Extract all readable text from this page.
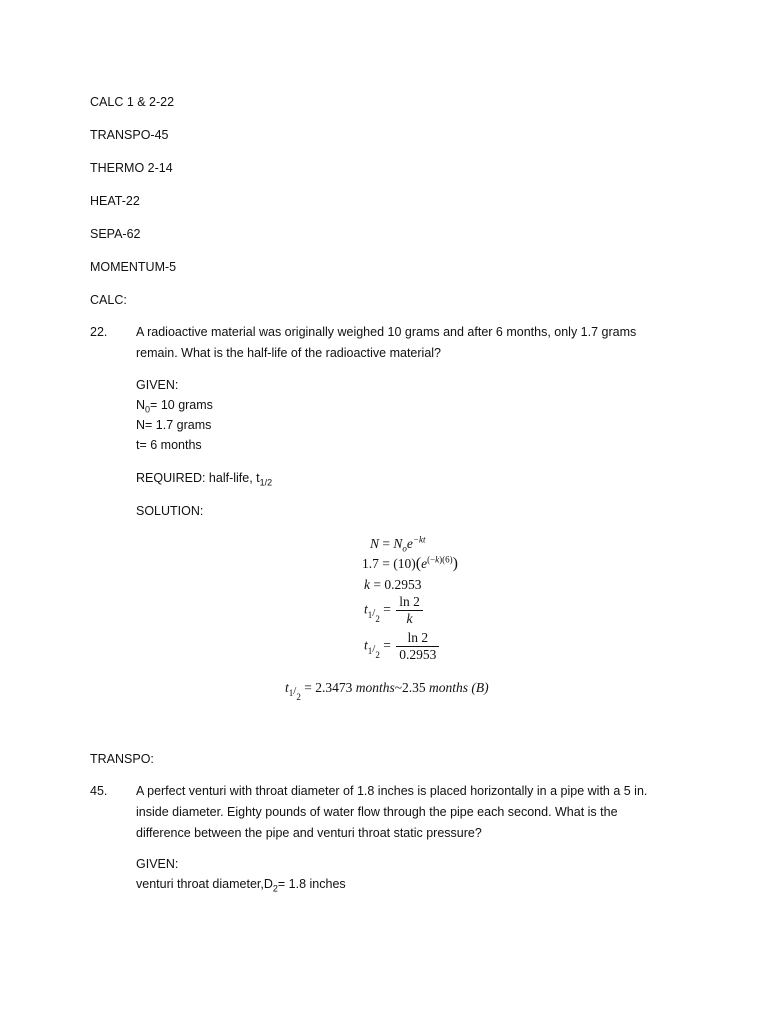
CALC 1 & 2-22
TRANSPO-45
THERMO 2-14
HEAT-22
SEPA-62
MOMENTUM-5
CALC:
22. A radioactive material was originally weighed 10 grams and after 6 months, only 1.7 grams
remain. What is the half-life of the radioactive material?
GIVEN:
$N_0= 10$ grams
N= 1.7 grams
t= 6 months
REQUIRED: half-life, $t_{1/2}$
SOLUTION:
$N = N_oe^{-kt}$
$1.7 = (10)(e^{(-k)(6)})$
k = 0.2953
$t_1/_2 = \frac{\ln 2}{k}$
$t_1/_2 = \frac{\ln 2}{0.2953}$
$t_1/_2 = 2.3473$ months~2.35 months (B)
TRANSPO:
45. A perfect venturi with throat diameter of 1.8 inches is placed horizontally in a pipe with a 5 in.
inside diameter. Eighty pounds of water flow through the pipe each second. What is the
difference between the pipe and venturi throat static pressure?
GIVEN:
venturi throat $diameter,D_2= 1.8$ inches
